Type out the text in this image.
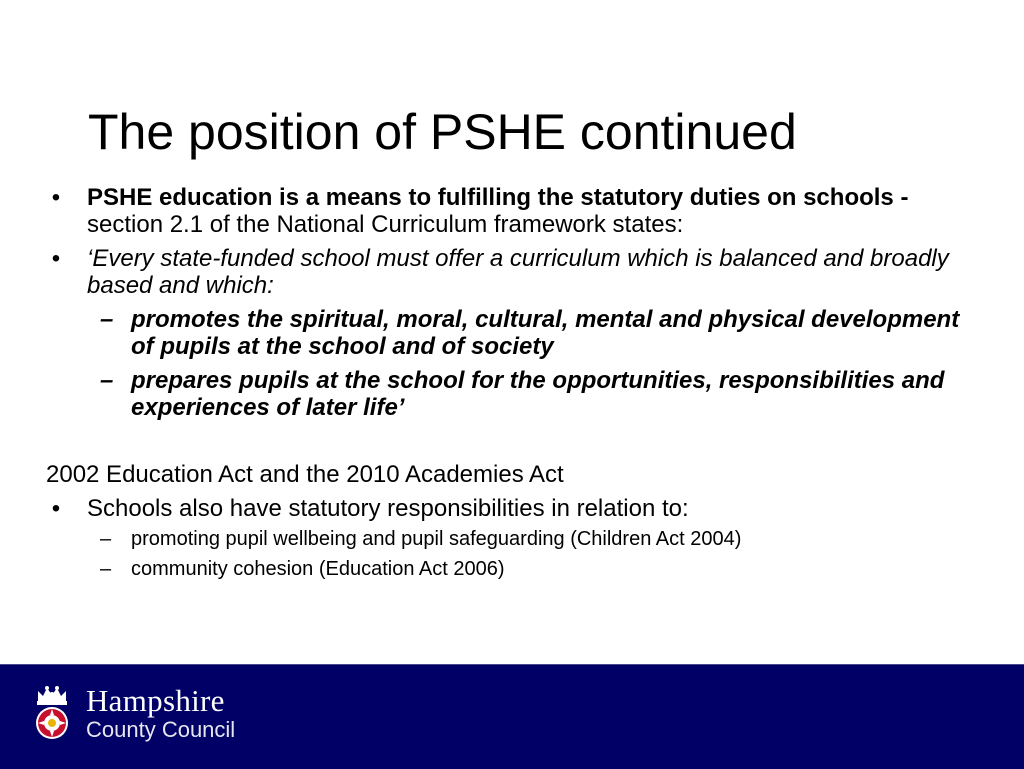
The position of PSHE continued
• PSHE education is a means to fulfilling the statutory duties on schools - section 2.1 of the National Curriculum framework states:
• ‘Every state-funded school must offer a curriculum which is balanced and broadly based and which:
– promotes the spiritual, moral, cultural, mental and physical development of pupils at the school and of society
– prepares pupils at the school for the opportunities, responsibilities and experiences of later life’
2002 Education Act and the 2010 Academies Act
• Schools also have statutory responsibilities in relation to:
– promoting pupil wellbeing and pupil safeguarding (Children Act 2004)
– community cohesion (Education Act 2006)
Hampshire
County Council
